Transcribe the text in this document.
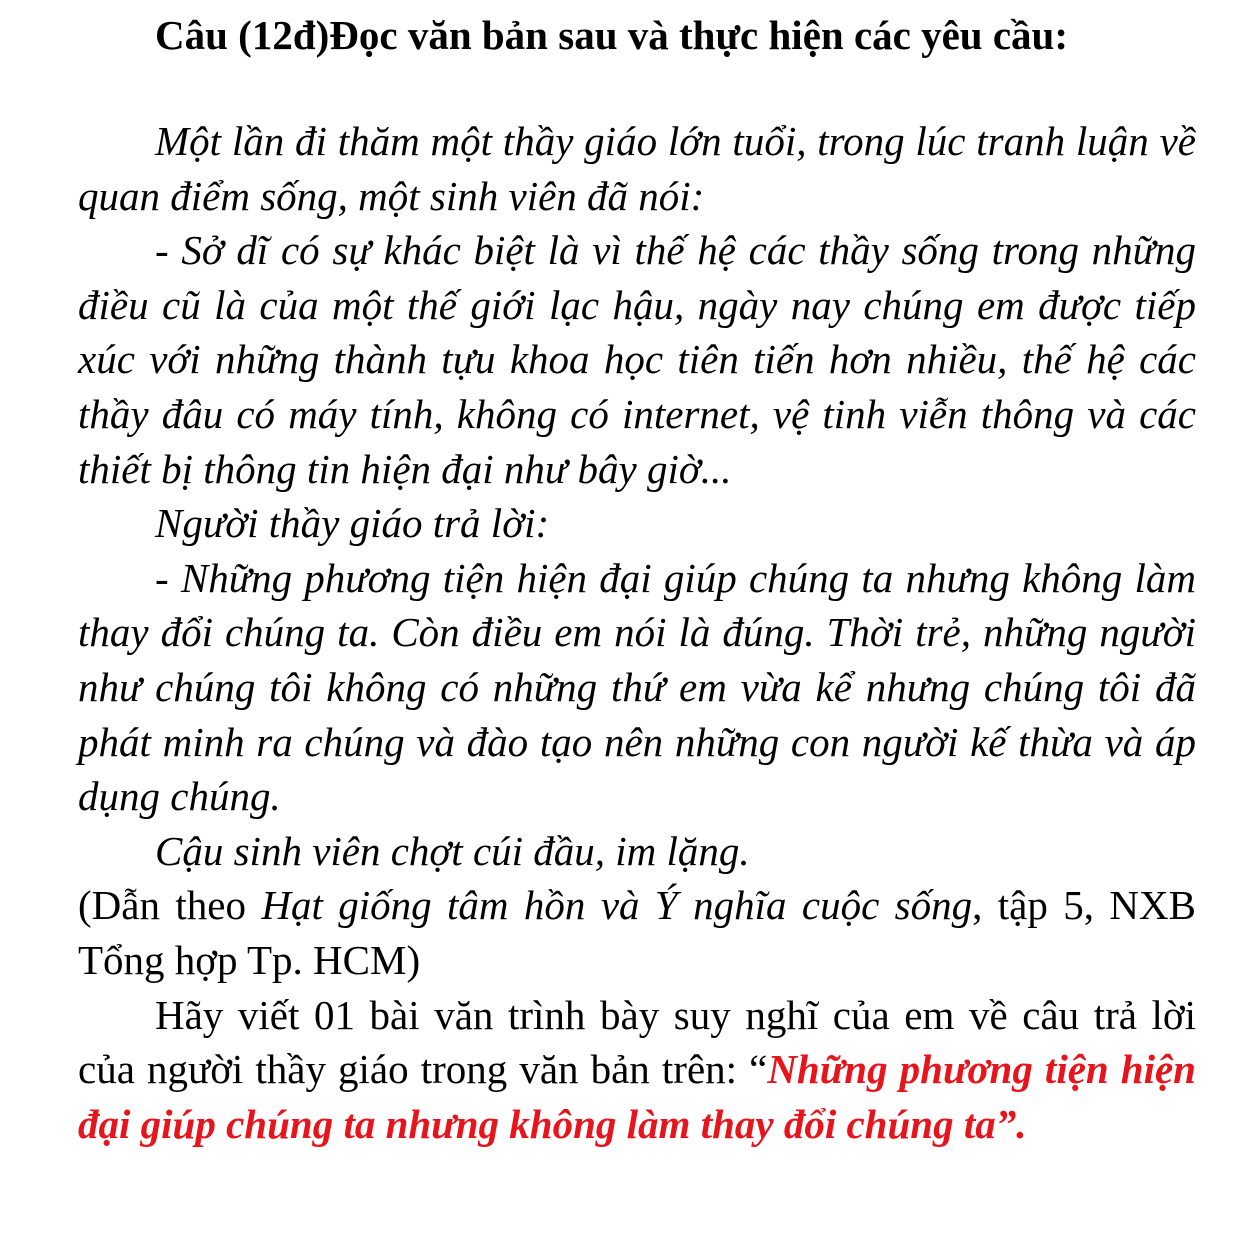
Câu (12đ)Đọc văn bản sau và thực hiện các yêu cầu:

Một lần đi thăm một thầy giáo lớn tuổi, trong lúc tranh luận về quan điểm sống, một sinh viên đã nói:

- Sở dĩ có sự khác biệt là vì thế hệ các thầy sống trong những điều cũ là của một thế giới lạc hậu, ngày nay chúng em được tiếp xúc với những thành tựu khoa học tiên tiến hơn nhiều, thế hệ các thầy đâu có máy tính, không có internet, vệ tinh viễn thông và các thiết bị thông tin hiện đại như bây giờ...

Người thầy giáo trả lời:

- Những phương tiện hiện đại giúp chúng ta nhưng không làm thay đổi chúng ta. Còn điều em nói là đúng. Thời trẻ, những người như chúng tôi không có những thứ em vừa kể nhưng chúng tôi đã phát minh ra chúng và đào tạo nên những con người kế thừa và áp dụng chúng.

Cậu sinh viên chợt cúi đầu, im lặng.

(Dẫn theo Hạt giống tâm hồn và Ý nghĩa cuộc sống, tập 5, NXB Tổng hợp Tp. HCM)

Hãy viết 01 bài văn trình bày suy nghĩ của em về câu trả lời của người thầy giáo trong văn bản trên: “Những phương tiện hiện đại giúp chúng ta nhưng không làm thay đổi chúng ta”.
